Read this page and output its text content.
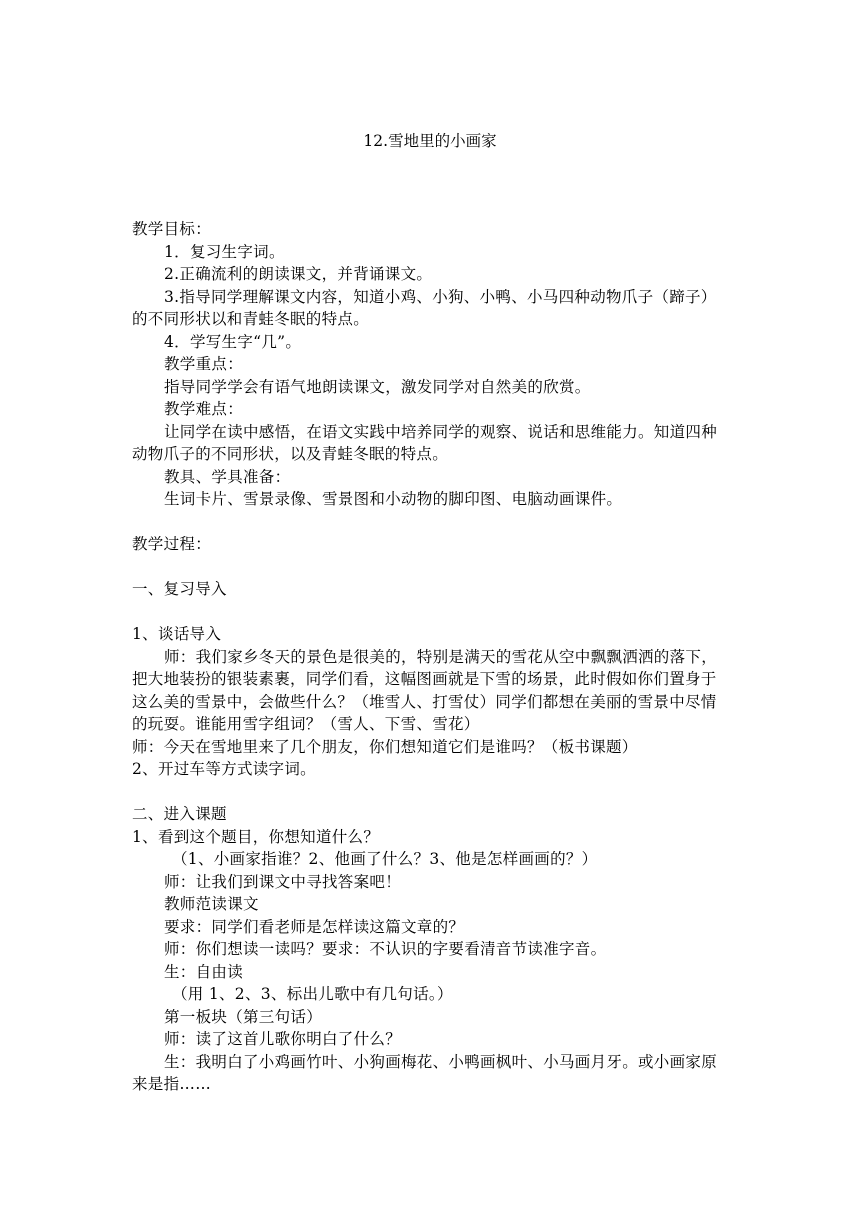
12.雪地里的小画家
教学目标：
1．复习生字词。
2.正确流利的朗读课文，并背诵课文。
3.指导同学理解课文内容，知道小鸡、小狗、小鸭、小马四种动物爪子（蹄子）的不同形状以和青蛙冬眠的特点。
4．学写生字“几”。
教学重点：
指导同学学会有语气地朗读课文，激发同学对自然美的欣赏。
教学难点：
让同学在读中感悟，在语文实践中培养同学的观察、说话和思维能力。知道四种动物爪子的不同形状，以及青蛙冬眠的特点。
教具、学具准备：
生词卡片、雪景录像、雪景图和小动物的脚印图、电脑动画课件。
教学过程：
一、复习导入
1、谈话导入
师：我们家乡冬天的景色是很美的，特别是满天的雪花从空中飘飘洒洒的落下，把大地装扮的银装素裹，同学们看，这幅图画就是下雪的场景，此时假如你们置身于这么美的雪景中，会做些什么？（堆雪人、打雪仗）同学们都想在美丽的雪景中尽情的玩耍。谁能用雪字组词？（雪人、下雪、雪花）
师：今天在雪地里来了几个朋友，你们想知道它们是谁吗？（板书课题）
2、开过车等方式读字词。
二、进入课题
1、看到这个题目，你想知道什么？
（1、小画家指谁？2、他画了什么？3、他是怎样画画的？）
师：让我们到课文中寻找答案吧！
教师范读课文
要求：同学们看老师是怎样读这篇文章的？
师：你们想读一读吗？要求：不认识的字要看清音节读准字音。
生：自由读
（用 1、2、3、标出儿歌中有几句话。）
第一板块（第三句话）
师：读了这首儿歌你明白了什么？
生：我明白了小鸡画竹叶、小狗画梅花、小鸭画枫叶、小马画月牙。或小画家原来是指……
